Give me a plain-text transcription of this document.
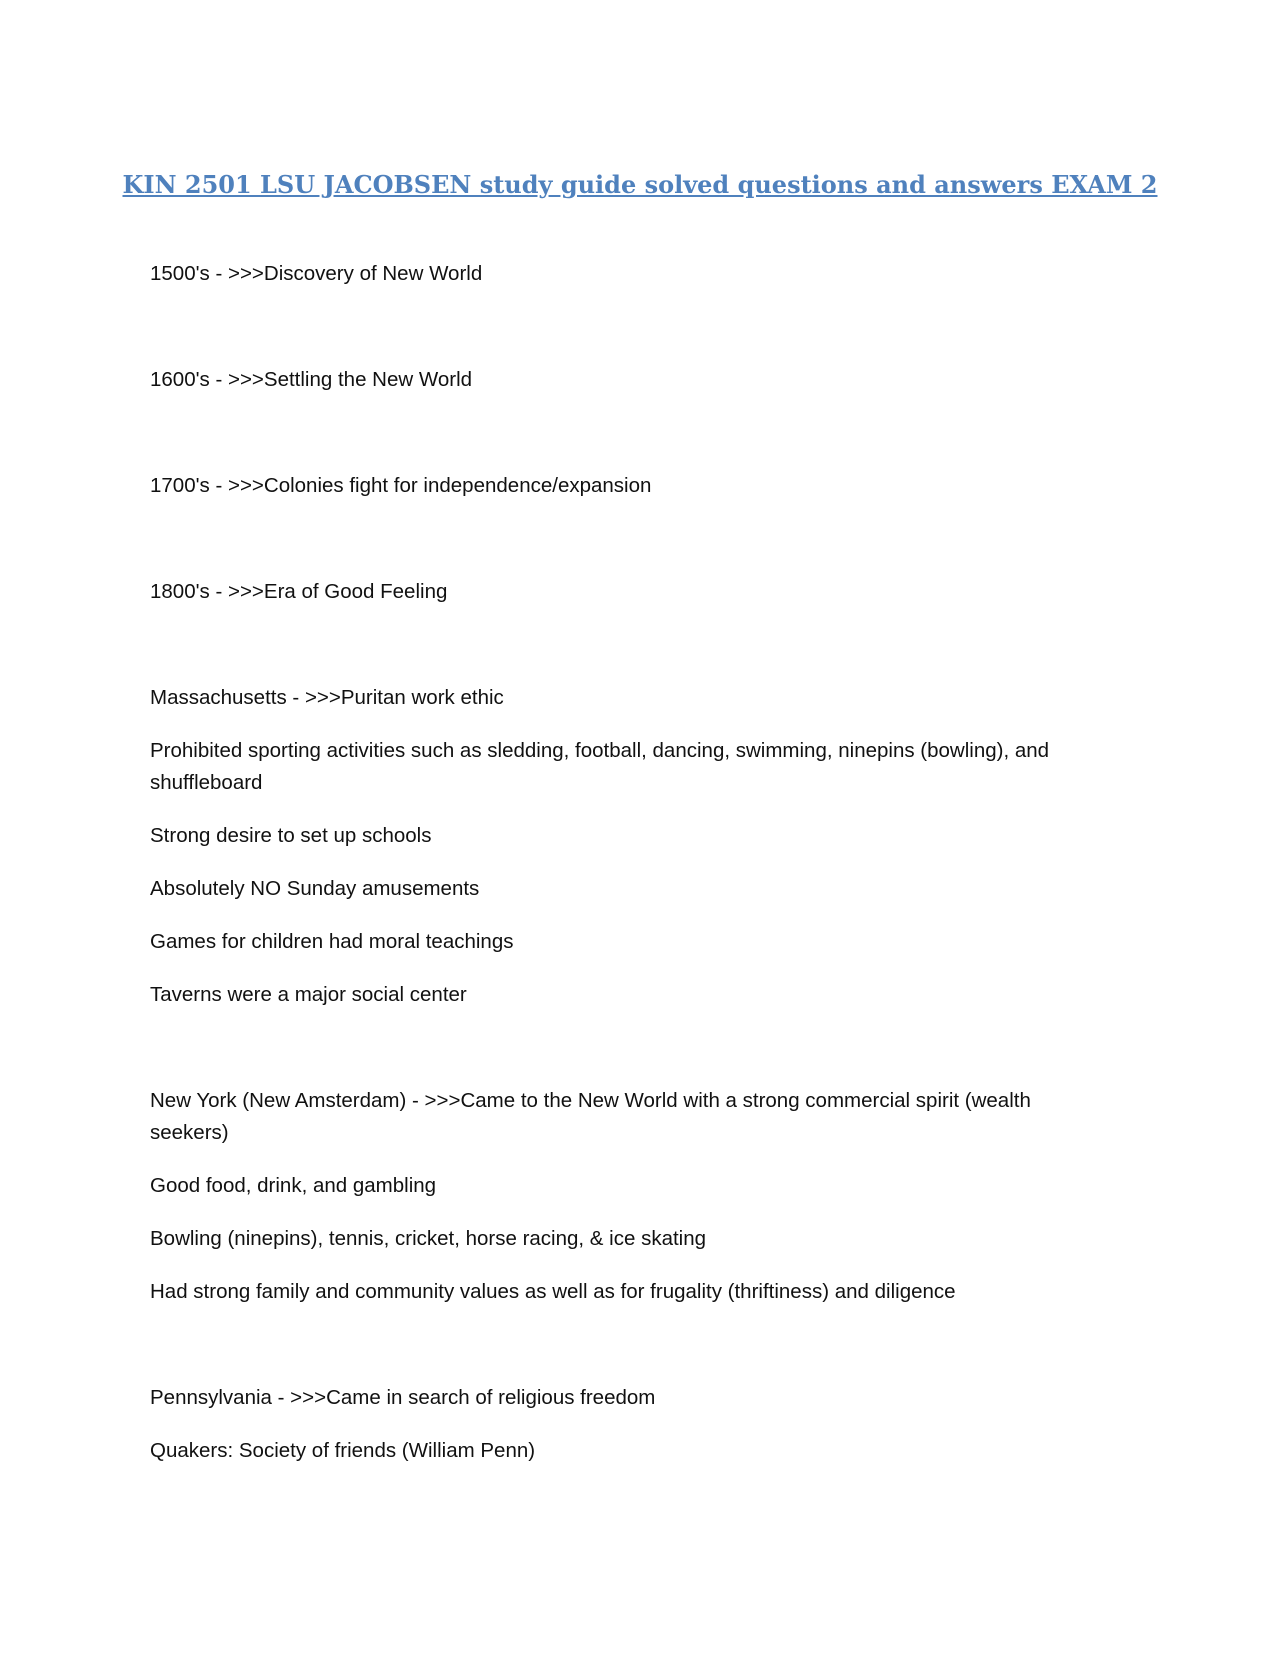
KIN 2501 LSU JACOBSEN study guide solved questions and answers EXAM 2

1500's - >>>Discovery of New World

1600's - >>>Settling the New World

1700's - >>>Colonies fight for independence/expansion

1800's - >>>Era of Good Feeling

Massachusetts - >>>Puritan work ethic

Prohibited sporting activities such as sledding, football, dancing, swimming, ninepins (bowling), and shuffleboard

Strong desire to set up schools

Absolutely NO Sunday amusements

Games for children had moral teachings

Taverns were a major social center

New York (New Amsterdam) - >>>Came to the New World with a strong commercial spirit (wealth seekers)

Good food, drink, and gambling

Bowling (ninepins), tennis, cricket, horse racing, & ice skating

Had strong family and community values as well as for frugality (thriftiness) and diligence

Pennsylvania - >>>Came in search of religious freedom

Quakers: Society of friends (William Penn)
